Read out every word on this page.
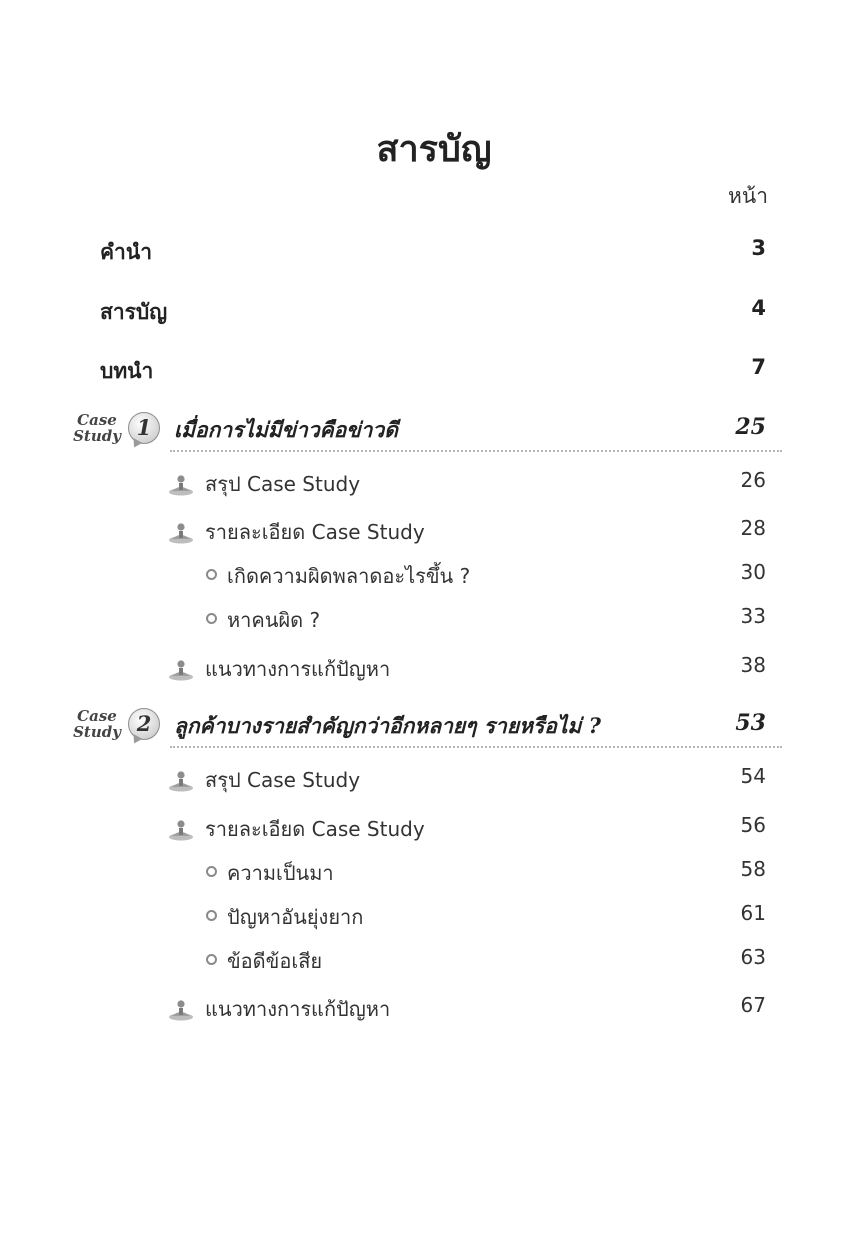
สารบัญ
หน้า
คำนำ	3
สารบัญ	4
บทนำ	7
Case
Study 1	เมื่อการไม่มีข่าวคือข่าวดี	25
สรุป Case Study	26
รายละเอียด Case Study	28
เกิดความผิดพลาดอะไรขึ้น ?	30
หาคนผิด ?	33
แนวทางการแก้ปัญหา	38
Case
Study 2	ลูกค้าบางรายสำคัญกว่าอีกหลายๆ รายหรือไม่ ?	53
สรุป Case Study	54
รายละเอียด Case Study	56
ความเป็นมา	58
ปัญหาอันยุ่งยาก	61
ข้อดีข้อเสีย	63
แนวทางการแก้ปัญหา	67
